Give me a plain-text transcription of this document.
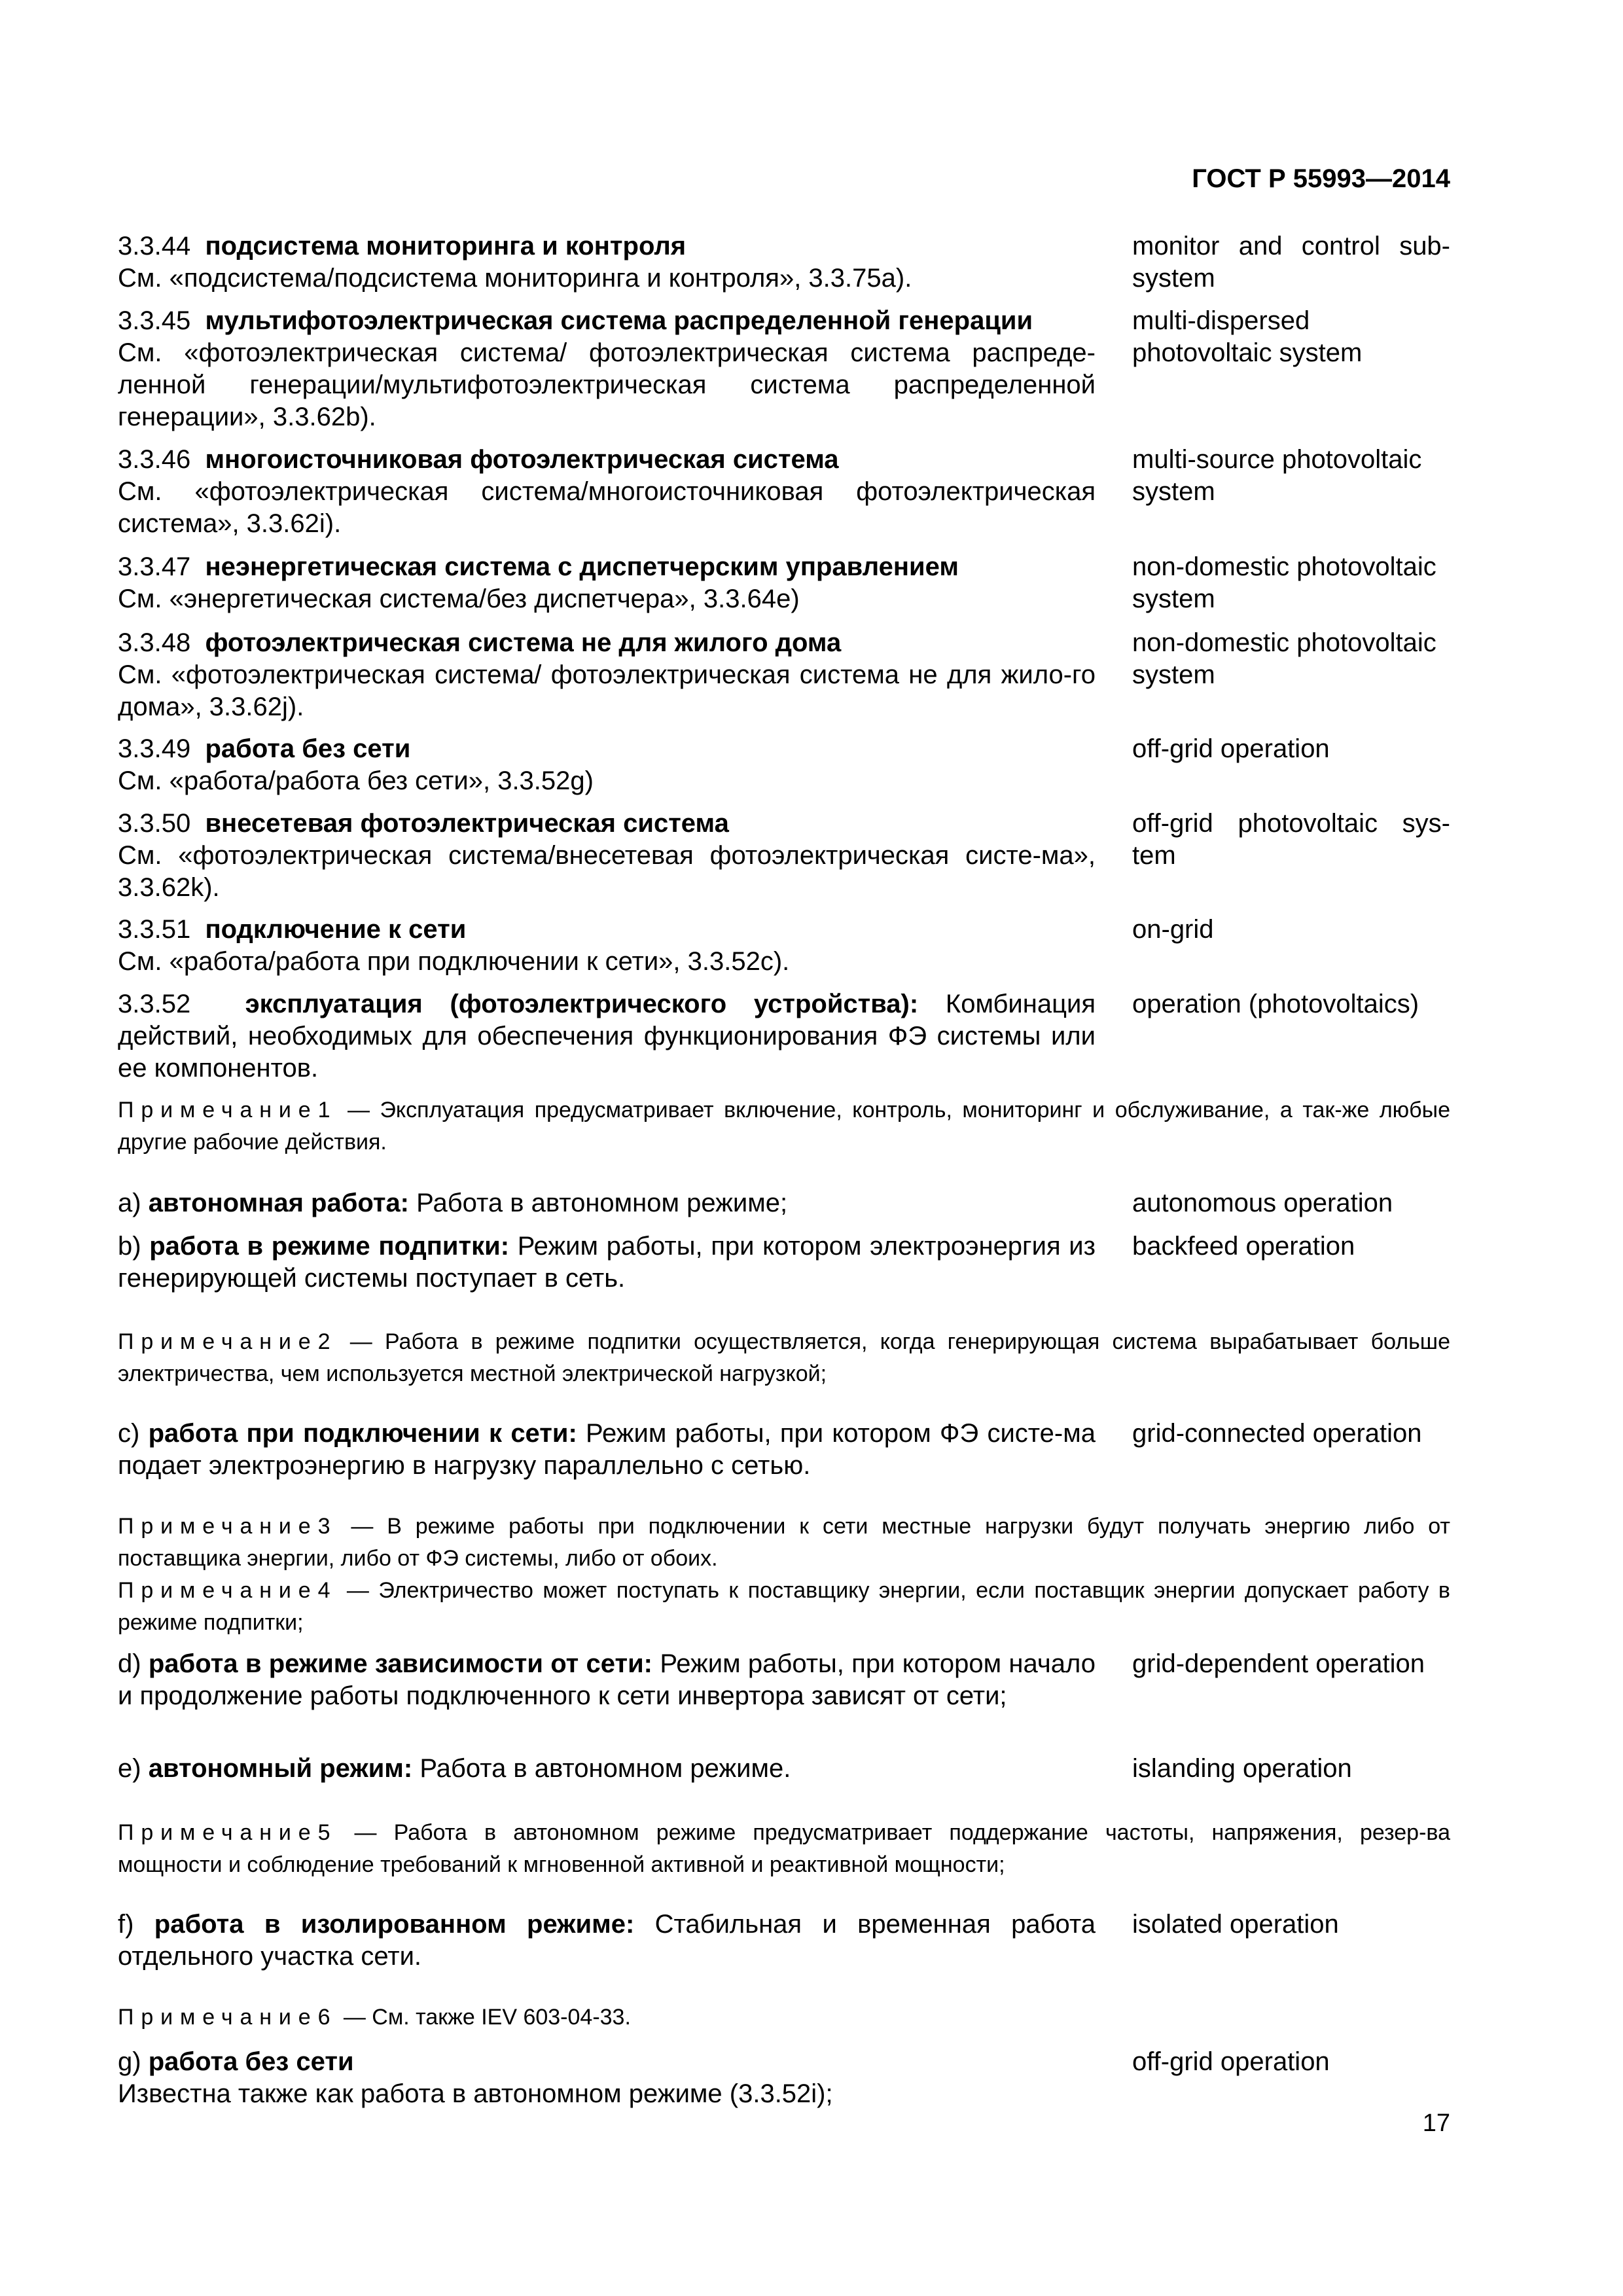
ГОСТ Р 55993—2014
3.3.44 подсистема мониторинга и контроля
См. «подсистема/подсистема мониторинга и контроля», 3.3.75а).
monitor and control sub-system
3.3.45 мультифотоэлектрическая система распределенной генерации
См. «фотоэлектрическая система/ фотоэлектрическая система распреде-ленной генерации/мультифотоэлектрическая система распределенной генерации», 3.3.62b).
multi-dispersed photovoltaic system
3.3.46 многоисточниковая фотоэлектрическая система
См. «фотоэлектрическая система/многоисточниковая фотоэлектрическая система», 3.3.62i).
multi-source photovoltaic system
3.3.47 неэнергетическая система с диспетчерским управлением
См. «энергетическая система/без диспетчера», 3.3.64е)
non-domestic photovoltaic system
3.3.48 фотоэлектрическая система не для жилого дома
См. «фотоэлектрическая система/ фотоэлектрическая система не для жило-го дома», 3.3.62j).
non-domestic photovoltaic system
3.3.49 работа без сети
См. «работа/работа без сети», 3.3.52g)
off-grid operation
3.3.50 внесетевая фотоэлектрическая система
См. «фотоэлектрическая система/внесетевая фотоэлектрическая систе-ма», 3.3.62k).
off-grid photovoltaic sys-tem
3.3.51 подключение к сети
См. «работа/работа при подключении к сети», 3.3.52с).
on-grid
3.3.52 эксплуатация (фотоэлектрического устройства): Комбинация действий, необходимых для обеспечения функционирования ФЭ системы или ее компонентов.
operation (photovoltaics)
Примечание1 — Эксплуатация предусматривает включение, контроль, мониторинг и обслуживание, а так-же любые другие рабочие действия.
а) автономная работа: Работа в автономном режиме;	autonomous operation
b) работа в режиме подпитки: Режим работы, при котором электроэнергия из генерирующей системы поступает в сеть.
backfeed operation
Примечание2 — Работа в режиме подпитки осуществляется, когда генерирующая система вырабатывает больше электричества, чем используется местной электрической нагрузкой;
с) работа при подключении к сети: Режим работы, при котором ФЭ систе-ма подает электроэнергию в нагрузку параллельно с сетью.
grid-connected operation
Примечание3 — В режиме работы при подключении к сети местные нагрузки будут получать энергию либо от поставщика энергии, либо от ФЭ системы, либо от обоих.
Примечание4 — Электричество может поступать к поставщику энергии, если поставщик энергии допускает работу в режиме подпитки;
d) работа в режиме зависимости от сети: Режим работы, при котором начало и продолжение работы подключенного к сети инвертора зависят от сети;
grid-dependent operation
е) автономный режим: Работа в автономном режиме.	islanding operation
Примечание5 — Работа в автономном режиме предусматривает поддержание частоты, напряжения, резер-ва мощности и соблюдение требований к мгновенной активной и реактивной мощности;
f) работа в изолированном режиме: Стабильная и временная работа отдельного участка сети.
isolated operation
Примечание6 — См. также IEV 603-04-33.
g) работа без сети
Известна также как работа в автономном режиме (3.3.52i);
off-grid operation
17
